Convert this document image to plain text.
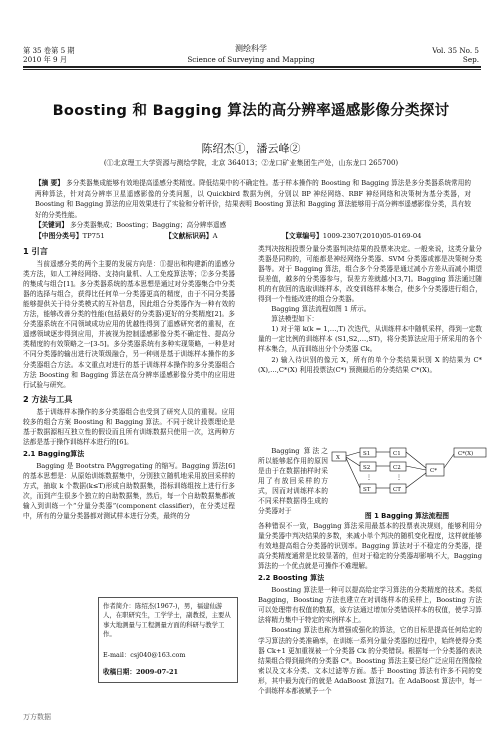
第 35 卷第 5 期
2010 年 9 月
测绘科学
Science of Surveying and Mapping
Vol. 35 No. 5
Sep.
Boosting 和 Bagging 算法的高分辨率遥感影像分类探讨
陈绍杰①，潘云峰②
(①北京理工大学资源与测绘学院，北京 364013；②龙口矿业集团生产处，山东龙口 265700)
【摘 要】 多分类器集成能够有效地提高遥感分类精度。降低结果中的不确定性。基于样本操作的 Boosting 和 Bagging 算法是多分类器系统常用的两种算法，针对高分辨率卫星遥感影像的分类问题，以 Quickbird 数据为例，分别以 BP 神经网络、RBF 神经网络和决策树为基分类器，对 Boosting 和 Bagging 算法的应用效果进行了实验和分析评价，结果表明 Boosting 算法和 Bagging 算法能够用于高分辨率遥感影像分类，具有较好的分类性能。
【关键词】 多分类器集成；Boosting；Bagging；高分辨率遥感
【中图分类号】TP751	【文献标识码】A	【文章编号】1009-2307(2010)05-0169-04
1 引言

当前遥感分类的两个主要的发展方向是：①提出和构建新的遥感分类方法，如人工神经网络、支持向量机、人工免疫算法等；②多分类器的集成与组合[1]。多分类器系统的基本思想是通过对分类器集合中分类器的选择与组合，获得比任何单一分类器更高的精度，由于不同分类器能够提供关于待分类模式的互补信息，因此组合分类器作为一种有效的方法，能够改善分类的性能(包括最好的分类器)更好的分类精度[2]。多分类器系统在不同领域成功应用的优越性得到了遥感研究者的重视，在遥感领域逐步得到应用，并被视为控制遥感影像分类不确定性、提高分类精度的有效策略之一[3-5]。多分类器系统有多种实现策略，一种是对不同分类器的输出进行决策级融合，另一种则是基于训练样本操作的多分类器组合方法。本文重点对进行的基于训练样本操作的多分类器组合方法 Boosting 和 Bagging 算法在高分辨率遥感影像分类中的应用进行试验与研究。

2 方法与工具

基于训练样本操作的多分类器组合也受到了研究人员的重视。应用较多的组合方案 Boosting 和 Bagging 算法。不同于统计投票理论是基于数据源相互独立性的假设而且所有训练数据只使用一次，这两种方法都是基于操作训练样本进行的[6]。

2.1 Bagging算法

Bagging 是 Bootstra PAggregating 的缩写。Bagging 算法[6]的基本思想是：从原始训练数据集中，分别独立随机地采用放回采样的方式，抽取 k 个数据(k≤T)形成自助数据集，指标训练组按上进行行多次，而到产生很多个独立的自助数据集，然后，每一个自助数据集都被输入到训练一个“分量分类器”(component classifier)，在分类过程中，所有的分量分类器都对测试样本进行分类，最终的分

类判决按相投票分量分类器判决结果的投票来决定。一般来说，这类分量分类器是同构的，可能都是神经网络分类器、SVM 分类器或都是决策树分类器等。对于 Bagging 算法，组合多个分类器是通过减小方差从而减小期望误差值，越多的分类器参与，误差方差就越小[3,7]。Bagging 算法通过随机的有放回的选取训练样本，改变训练样本集合，使多个分类器进行组合，得到一个性能改进的组合分类器。

Bagging 算法流程如图 1 所示。

算法模型如下：

1) 对于第 k(k = 1,…,T) 次迭代，从训练样本中随机采样，得到一定数量的一定比例的训练样本 (S1,S2,…,ST)，将分类算法应用于所采用的各个样本集合，从而训练出分个分类器 Ck。

2) 输入待识别的像元 X，所有的单个分类结果识别 X 的结果为 C*(X),…,C*(X) 利用投票法(C*) 预测最后的分类结果 C*(X)。

Bagging 算法之所以能够起作用的原因是由于在数据抽样时采用了有放回采样的方式，因而对训练样本的不同采样数据得生成的分类器对于

X
S1	C1
S2	C2
ST	CT
C*
C*(X)
⋮	⋮
图 1 Bagging 算法流程图

各种错误不一致，Bagging 算法采用最基本的投票表决规则，能够利用分量分类器中判决结果的多数，来减小单个判决的随机变化程度，这样就能够有效地提高组合分类器的识别率。Bagging 算法对于不稳定的分类器，提高分类精度通常是比较显著的，但对于稳定的分类器却影响不大，Bagging 算法的一个优点就是可操作不难理解。

2.2 Boosting 算法

Boosting 算法是一种可以提高给定学习算法的分类精度的技术。类似 Bagging，Boosting 方法也建立在对训练样本的采样上，Boosting 方法可以处理带有权值的数据，该方法通过增加分类错误样本的权值，使学习算法将精力集中于特定的实例样本上。

Boosting 算法也称为增强或强化的算法，它的目标是提高任何给定的学习算法的分类准确率，在训练一系列分量分类器的过程中，始终使得分类器 Ck+1 更加重视被一个分类器 Ck 的分类错误。根据每一个分类器的表决结果组合得到最终的分类器 C*。Boosting 算法主要已经广泛应用在图像检索以及文本分类、文本过滤等方面。基于 Boosting 算法有许多不同的变形，其中最为流行的就是 AdaBoost 算法[7]。在 AdaBoost 算法中，每一个训练样本都被赋予一个

作者简介：陈绍杰(1967-)，男，福建仙游人，在职研究生，工学学士，副教授，主要从事大地测量与工程测量方面的科研与教学工作。
E-mail：csj040@163.com
收稿日期：2009-07-21
万方数据
